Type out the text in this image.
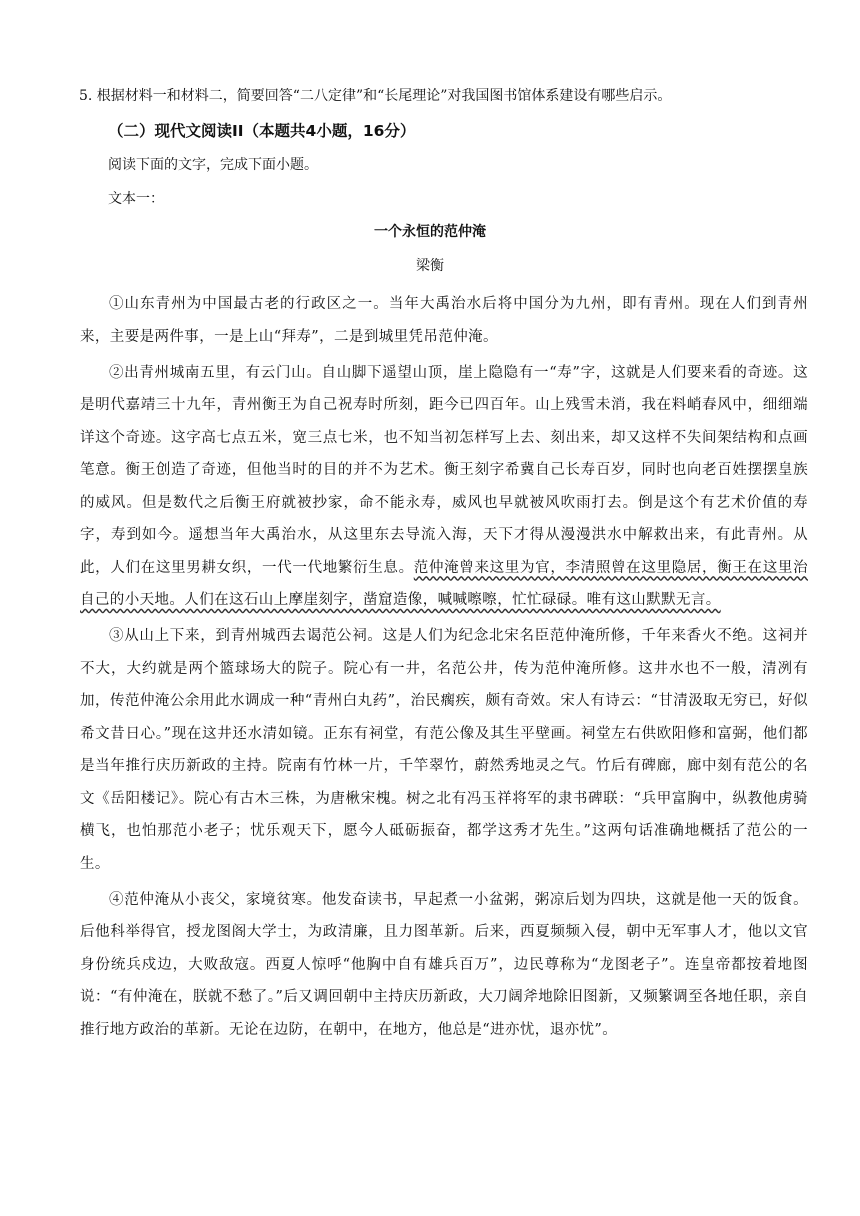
5. 根据材料一和材料二，简要回答“二八定律”和“长尾理论”对我国图书馆体系建设有哪些启示。
（二）现代文阅读II（本题共4小题，16分）
阅读下面的文字，完成下面小题。
文本一：
一个永恒的范仲淹
梁衡

①山东青州为中国最古老的行政区之一。当年大禹治水后将中国分为九州，即有青州。现在人们到青州来，主要是两件事，一是上山“拜寿”，二是到城里凭吊范仲淹。

②出青州城南五里，有云门山。自山脚下遥望山顶，崖上隐隐有一“寿”字，这就是人们要来看的奇迹。这是明代嘉靖三十九年，青州衡王为自己祝寿时所刻，距今已四百年。山上残雪未消，我在料峭春风中，细细端详这个奇迹。这字高七点五米，宽三点七米，也不知当初怎样写上去、刻出来，却又这样不失间架结构和点画笔意。衡王创造了奇迹，但他当时的目的并不为艺术。衡王刻字希冀自己长寿百岁，同时也向老百姓摆摆皇族的威风。但是数代之后衡王府就被抄家，命不能永寿，威风也早就被风吹雨打去。倒是这个有艺术价值的寿字，寿到如今。遥想当年大禹治水，从这里东去导流入海，天下才得从漫漫洪水中解救出来，有此青州。从此，人们在这里男耕女织，一代一代地繁衍生息。范仲淹曾来这里为官，李清照曾在这里隐居，衡王在这里治自己的小天地。人们在这石山上摩崖刻字，凿窟造像，喊喊嚓嚓，忙忙碌碌。唯有这山默默无言。

③从山上下来，到青州城西去谒范公祠。这是人们为纪念北宋名臣范仲淹所修，千年来香火不绝。这祠并不大，大约就是两个篮球场大的院子。院心有一井，名范公井，传为范仲淹所修。这井水也不一般，清冽有加，传范仲淹公余用此水调成一种“青州白丸药”，治民瘸疾，颇有奇效。宋人有诗云：“甘清汲取无穷已，好似希文昔日心。”现在这井还水清如镜。正东有祠堂，有范公像及其生平壁画。祠堂左右供欧阳修和富弼，他们都是当年推行庆历新政的主持。院南有竹林一片，千竿翠竹，蔚然秀地灵之气。竹后有碑廊，廊中刻有范公的名文《岳阳楼记》。院心有古木三株，为唐楸宋槐。树之北有冯玉祥将军的隶书碑联：“兵甲富胸中，纵教他虏骑横飞，也怕那范小老子；忧乐观天下，愿今人砥砺振奋，都学这秀才先生。”这两句话准确地概括了范公的一生。

④范仲淹从小丧父，家境贫寒。他发奋读书，早起煮一小盆粥，粥凉后划为四块，这就是他一天的饭食。后他科举得官，授龙图阁大学士，为政清廉，且力图革新。后来，西夏频频入侵，朝中无军事人才，他以文官身份统兵戍边，大败敌寇。西夏人惊呼“他胸中自有雄兵百万”，边民尊称为“龙图老子”。连皇帝都按着地图说：“有仲淹在，朕就不愁了。”后又调回朝中主持庆历新政，大刀阔斧地除旧图新，又频繁调至各地任职，亲自推行地方政治的革新。无论在边防，在朝中，在地方，他总是“进亦忧，退亦忧”。
